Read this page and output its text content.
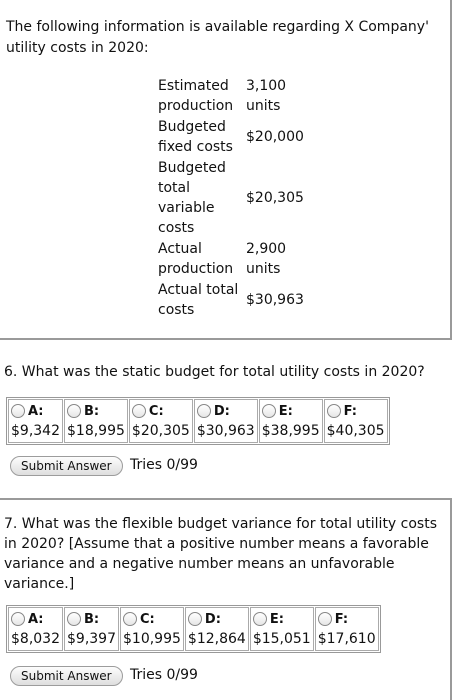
The following information is available regarding X Company' utility costs in 2020:
Estimated production	3,100 units
Budgeted fixed costs	$20,000
Budgeted total variable costs	$20,305
Actual production	2,900 units
Actual total costs	$30,963
6. What was the static budget for total utility costs in 2020?
A:
$9,342

B:
$18,995

C:
$20,305

D:
$30,963

E:
$38,995

F:
$40,305
Submit Answer	Tries 0/99
7. What was the flexible budget variance for total utility costs in 2020? [Assume that a positive number means a favorable variance and a negative number means an unfavorable variance.]
A:
$8,032

B:
$9,397

C:
$10,995

D:
$12,864

E:
$15,051

F:
$17,610
Submit Answer	Tries 0/99
